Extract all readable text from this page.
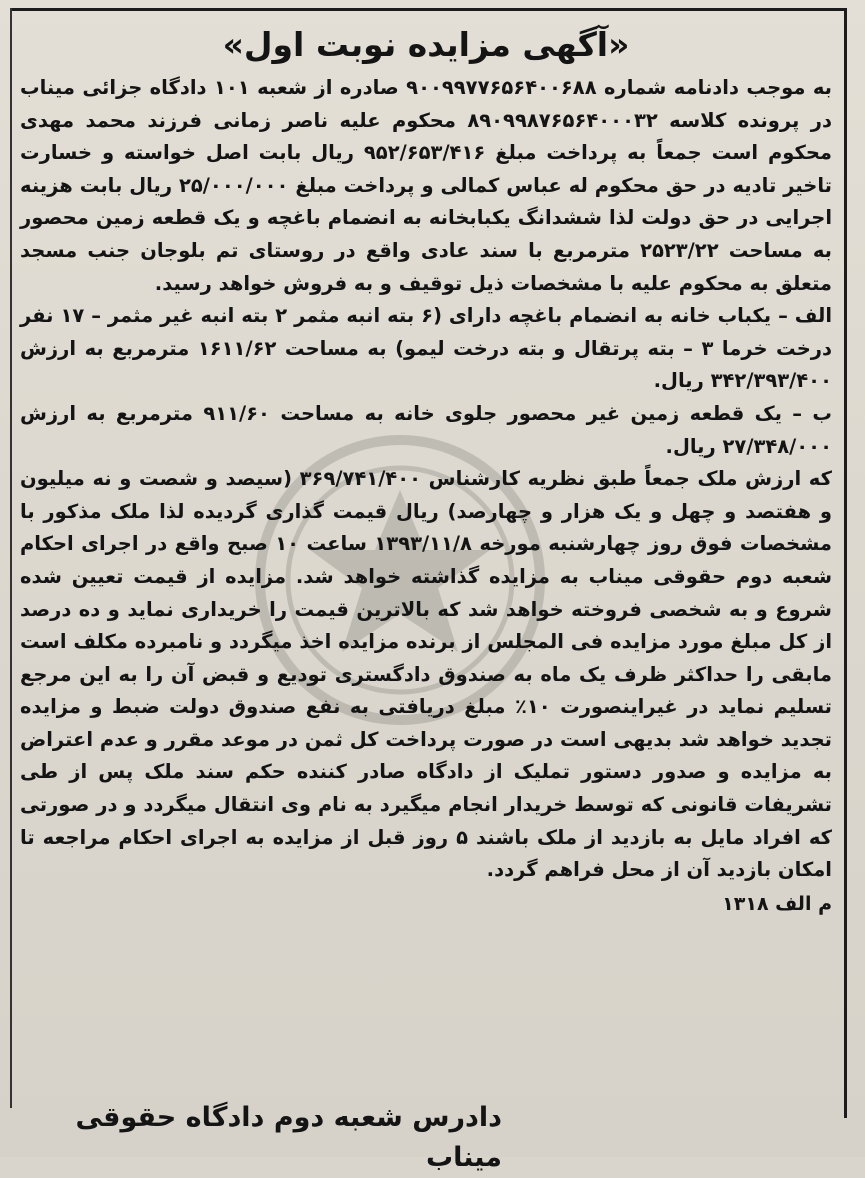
«آگهی مزایده نوبت اول»

به موجب دادنامه شماره ۹۰۰۹۹۷۷۶۵۶۴۰۰۶۸۸ صادره از شعبه ۱۰۱ دادگاه جزائی میناب در پرونده کلاسه ۸۹۰۹۹۸۷۶۵۶۴۰۰۰۳۲ محکوم علیه ناصر زمانی فرزند محمد مهدی محکوم است جمعاً به پرداخت مبلغ ۹۵۲/۶۵۳/۴۱۶ ریال بابت اصل خواسته و خسارت تاخیر تادیه در حق محکوم له عباس کمالی و پرداخت مبلغ ۲۵/۰۰۰/۰۰۰ ریال بابت هزینه اجرایی در حق دولت لذا ششدانگ یکبابخانه به انضمام باغچه و یک قطعه زمین محصور به مساحت ۲۵۲۳/۲۲ مترمربع با سند عادی واقع در روستای تم بلوجان جنب مسجد متعلق به محکوم علیه با مشخصات ذیل توقیف و به فروش خواهد رسید.

الف – یکباب خانه به انضمام باغچه دارای (۶ بته انبه مثمر ۲ بته انبه غیر مثمر – ۱۷ نفر درخت خرما ۳ – بته پرتقال و بته درخت لیمو) به مساحت ۱۶۱۱/۶۲ مترمربع به ارزش ۳۴۲/۳۹۳/۴۰۰ ریال.

ب – یک قطعه زمین غیر محصور جلوی خانه به مساحت ۹۱۱/۶۰ مترمربع به ارزش ۲۷/۳۴۸/۰۰۰ ریال.

که ارزش ملک جمعاً طبق نظریه کارشناس ۳۶۹/۷۴۱/۴۰۰ (سیصد و شصت و نه میلیون و هفتصد و چهل و یک هزار و چهارصد) ریال قیمت گذاری گردیده لذا ملک مذکور با مشخصات فوق روز چهارشنبه مورخه ۱۳۹۳/۱۱/۸ ساعت ۱۰ صبح واقع در اجرای احکام شعبه دوم حقوقی میناب به مزایده گذاشته خواهد شد. مزایده از قیمت تعیین شده شروع و به شخصی فروخته خواهد شد که بالاترین قیمت را خریداری نماید و ده درصد از کل مبلغ مورد مزایده فی المجلس از برنده مزایده اخذ میگردد و نامبرده مکلف است مابقی را حداکثر ظرف یک ماه به صندوق دادگستری تودیع و قبض آن را به این مرجع تسلیم نماید در غیراینصورت ۱۰٪ مبلغ دریافتی به نفع صندوق دولت ضبط و مزایده تجدید خواهد شد بدیهی است در صورت پرداخت کل ثمن در موعد مقرر و عدم اعتراض به مزایده و صدور دستور تملیک از دادگاه صادر کننده حکم سند ملک پس از طی تشریفات قانونی که توسط خریدار انجام میگیرد به نام وی انتقال میگردد و در صورتی که افراد مایل به بازدید از ملک باشند ۵ روز قبل از مزایده به اجرای احکام مراجعه تا امکان بازدید آن از محل فراهم گردد.

م الف ۱۳۱۸

دادرس شعبه دوم دادگاه حقوقی میناب
